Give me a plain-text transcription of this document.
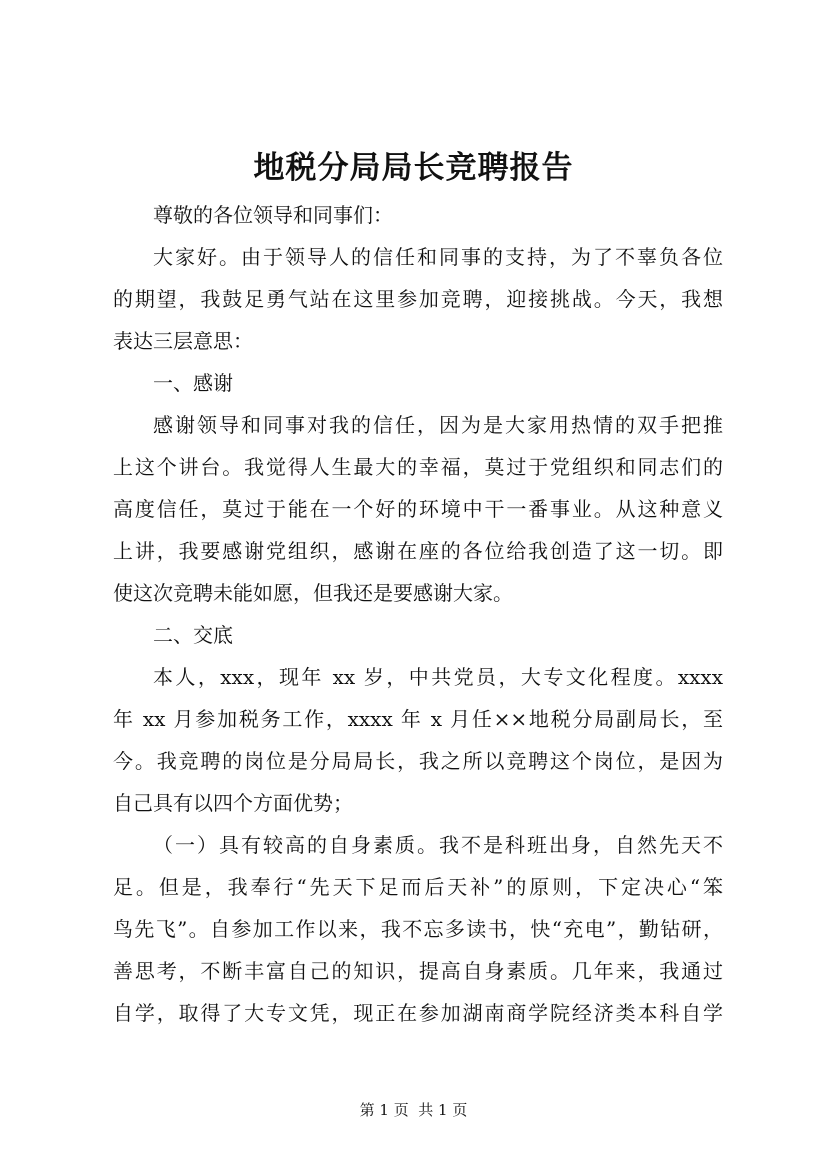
地税分局局长竞聘报告
尊敬的各位领导和同事们：
大家好。由于领导人的信任和同事的支持，为了不辜负各位
的期望，我鼓足勇气站在这里参加竞聘，迎接挑战。今天，我想
表达三层意思：
一、感谢
感谢领导和同事对我的信任，因为是大家用热情的双手把推
上这个讲台。我觉得人生最大的幸福，莫过于党组织和同志们的
高度信任，莫过于能在一个好的环境中干一番事业。从这种意义
上讲，我要感谢党组织，感谢在座的各位给我创造了这一切。即
使这次竞聘未能如愿，但我还是要感谢大家。
二、交底
本人，xxx，现年 xx 岁，中共党员，大专文化程度。xxxx
年 xx 月参加税务工作，xxxx 年 x 月任××地税分局副局长，至
今。我竞聘的岗位是分局局长，我之所以竞聘这个岗位，是因为
自己具有以四个方面优势；
（一）具有较高的自身素质。我不是科班出身，自然先天不
足。但是，我奉行“先天下足而后天补”的原则，下定决心“笨
鸟先飞”。自参加工作以来，我不忘多读书，快“充电”，勤钻研，
善思考，不断丰富自己的知识，提高自身素质。几年来，我通过
自学，取得了大专文凭，现正在参加湖南商学院经济类本科自学
第 1 页  共 1 页
